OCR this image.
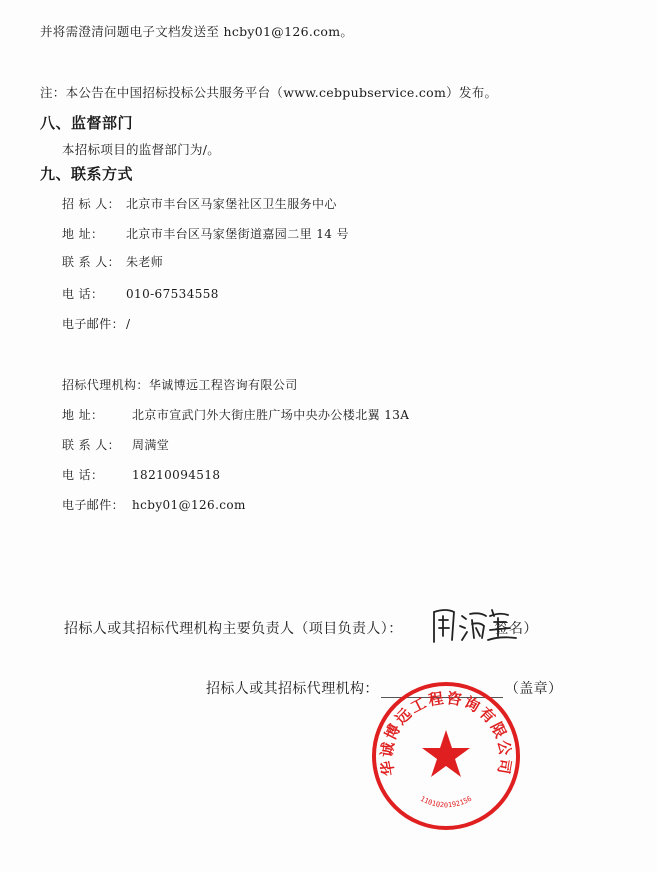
并将需澄清问题电子文档发送至 hcby01@126.com。
注：本公告在中国招标投标公共服务平台（www.cebpubservice.com）发布。
八、监督部门
本招标项目的监督部门为/。
九、联系方式
招 标 人： 北京市丰台区马家堡社区卫生服务中心
地 址： 北京市丰台区马家堡街道嘉园二里 14 号
联 系 人： 朱老师
电 话： 010-67534558
电子邮件： /
招标代理机构：华诚博远工程咨询有限公司
地 址： 北京市宣武门外大街庄胜广场中央办公楼北翼 13A
联 系 人： 周满堂
电 话： 18210094518
电子邮件： hcby01@126.com
招标人或其招标代理机构主要负责人（项目负责人）：	签名）
招标人或其招标代理机构：	（盖章）
华诚博远工程咨询有限公司
1101020192156
